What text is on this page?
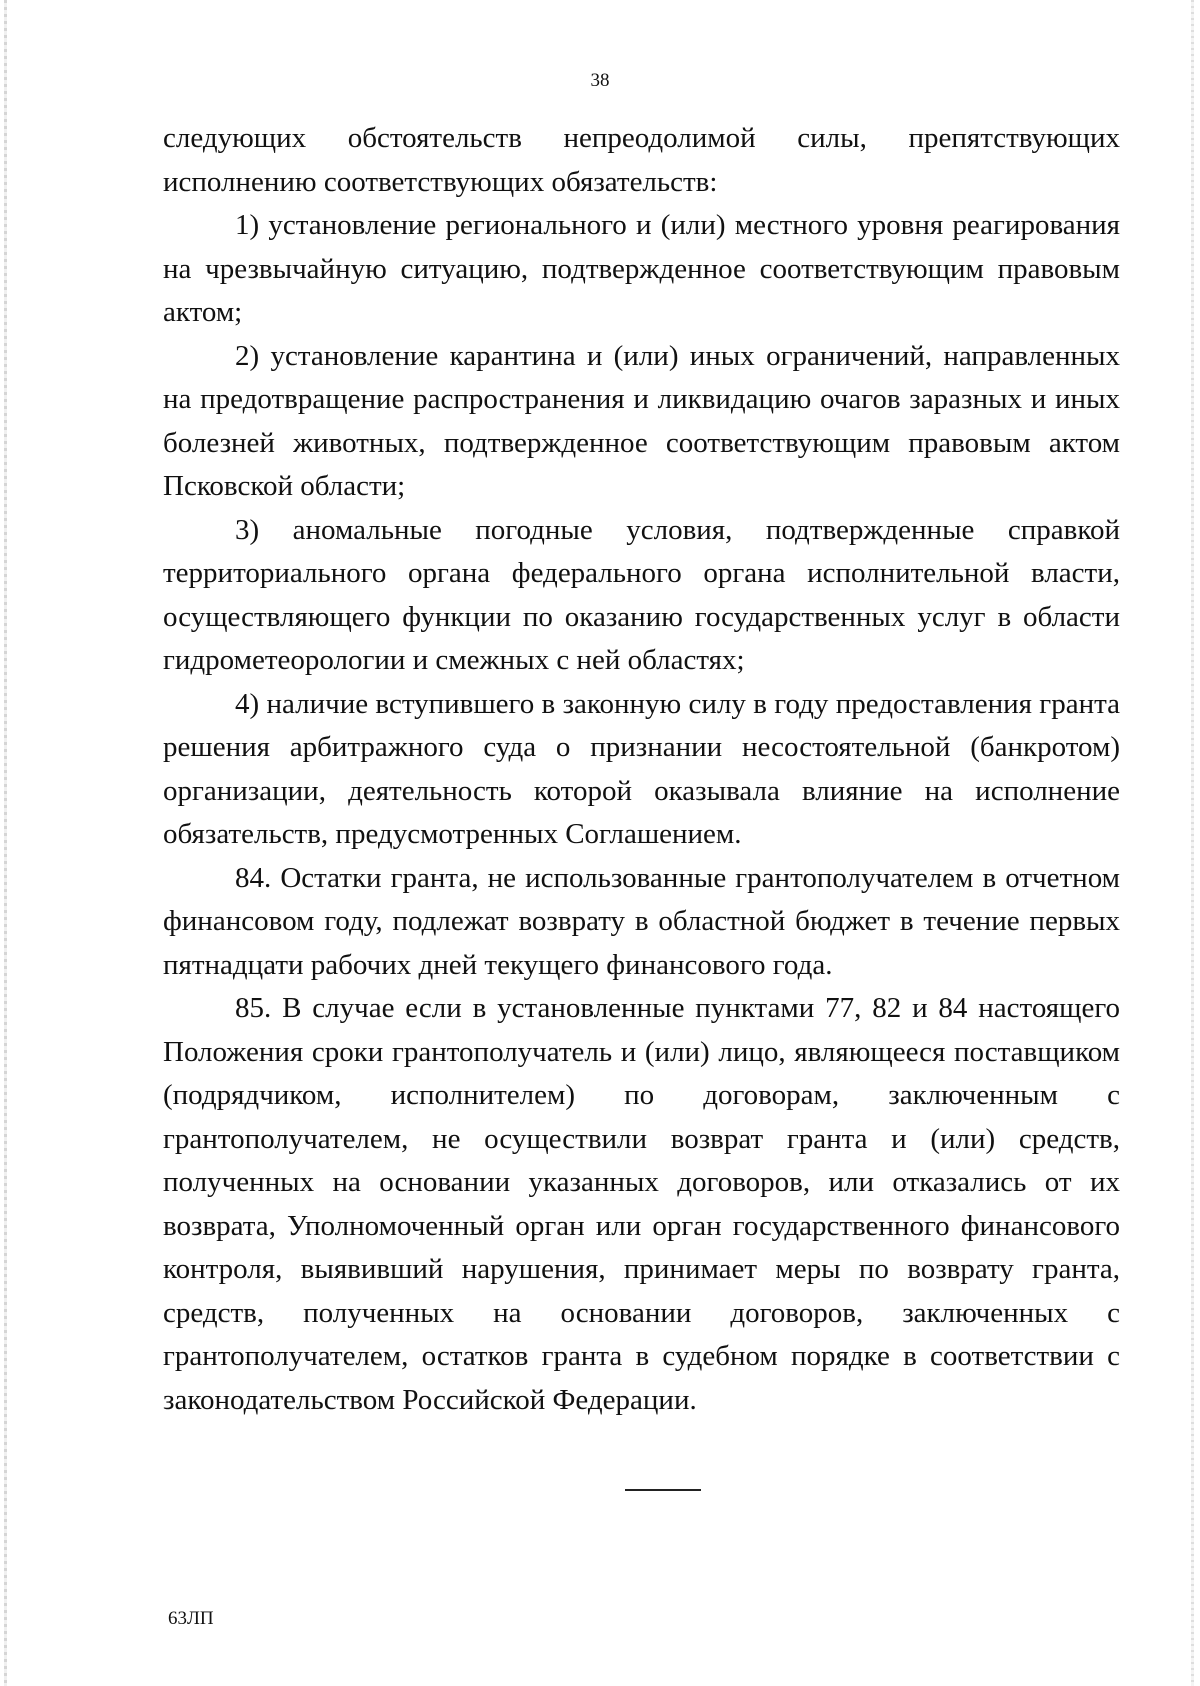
38

следующих обстоятельств непреодолимой силы, препятствующих исполнению соответствующих обязательств:

1) установление регионального и (или) местного уровня реагирования на чрезвычайную ситуацию, подтвержденное соответствующим правовым актом;

2) установление карантина и (или) иных ограничений, направленных на предотвращение распространения и ликвидацию очагов заразных и иных болезней животных, подтвержденное соответствующим правовым актом Псковской области;

3) аномальные погодные условия, подтвержденные справкой территориального органа федерального органа исполнительной власти, осуществляющего функции по оказанию государственных услуг в области гидрометеорологии и смежных с ней областях;

4) наличие вступившего в законную силу в году предоставления гранта решения арбитражного суда о признании несостоятельной (банкротом) организации, деятельность которой оказывала влияние на исполнение обязательств, предусмотренных Соглашением.

84. Остатки гранта, не использованные грантополучателем в отчетном финансовом году, подлежат возврату в областной бюджет в течение первых пятнадцати рабочих дней текущего финансового года.

85. В случае если в установленные пунктами 77, 82 и 84 настоящего Положения сроки грантополучатель и (или) лицо, являющееся поставщиком (подрядчиком, исполнителем) по договорам, заключенным с грантополучателем, не осуществили возврат гранта и (или) средств, полученных на основании указанных договоров, или отказались от их возврата, Уполномоченный орган или орган государственного финансового контроля, выявивший нарушения, принимает меры по возврату гранта, средств, полученных на основании договоров, заключенных с грантополучателем, остатков гранта в судебном порядке в соответствии с законодательством Российской Федерации.

63ЛП
